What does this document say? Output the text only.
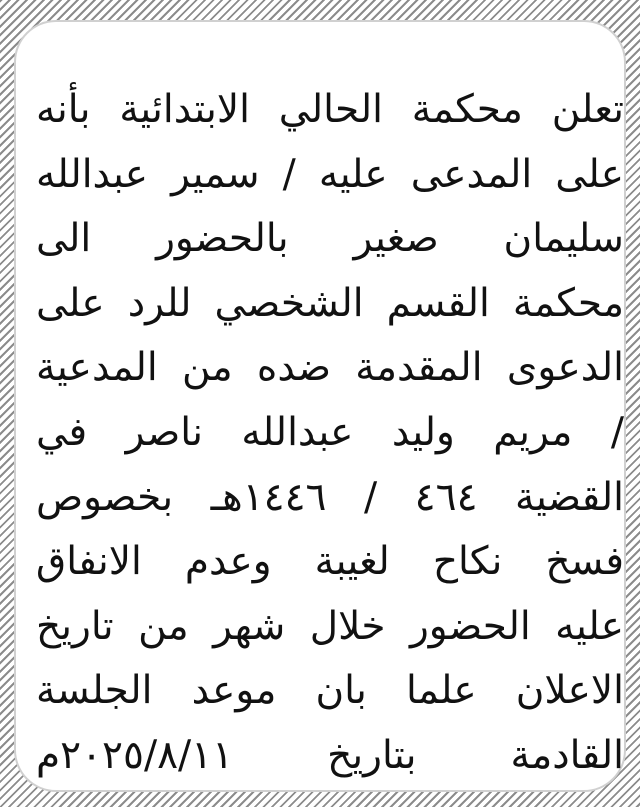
تعلن محكمة الحالي الابتدائية بأنه
على المدعى عليه / سمير عبدالله
سليمان صغير بالحضور الى
محكمة القسم الشخصي للرد على
الدعوى المقدمة ضده من المدعية
/ مريم وليد عبدالله ناصر في
القضية ٤٦٤ / ١٤٤٦هـ بخصوص
فسخ نكاح لغيبة وعدم الانفاق
عليه الحضور خلال شهر من تاريخ
الاعلان علما بان موعد الجلسة
القادمة بتاريخ ٢٠٢٥/٨/١١م
